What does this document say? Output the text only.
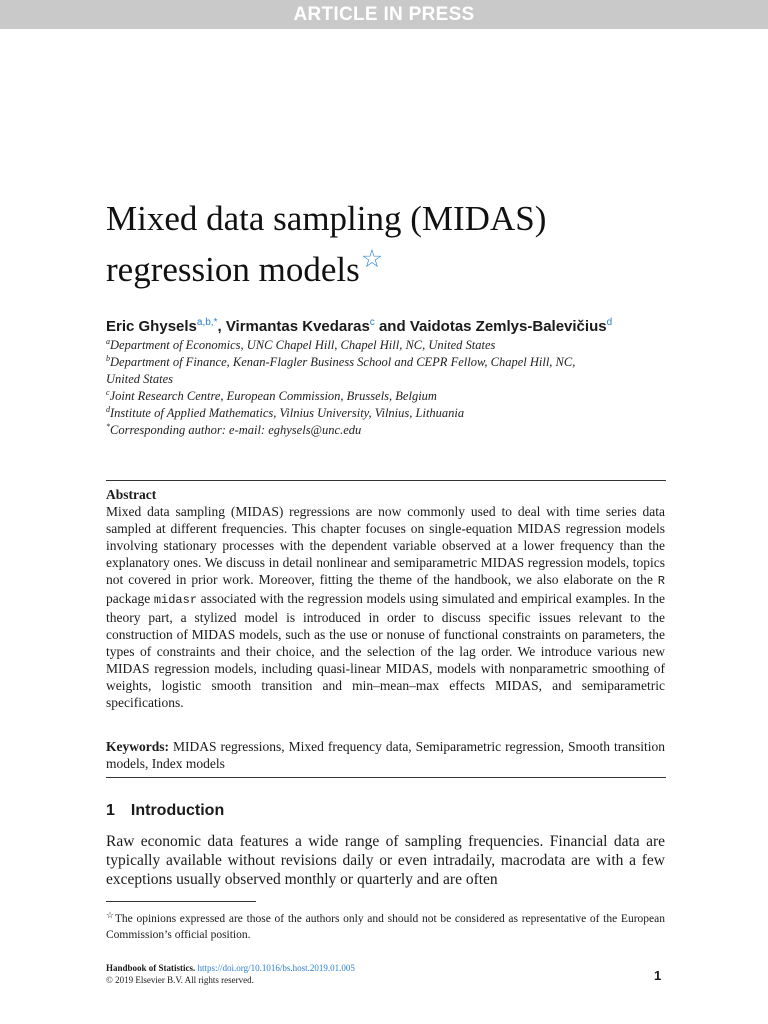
ARTICLE IN PRESS
Mixed data sampling (MIDAS)
regression models☆
Eric Ghysels$^{a,b,*}$, Virmantas Kvedaras$^c$ and Vaidotas Zemlys-Balevičius$^d$
$^a$Department of Economics, UNC Chapel Hill, Chapel Hill, NC, United States
$^b$Department of Finance, Kenan-Flagler Business School and CEPR Fellow, Chapel Hill, NC,
United States
$^c$Joint Research Centre, European Commission, Brussels, Belgium
$^d$Institute of Applied Mathematics, Vilnius University, Vilnius, Lithuania
*Corresponding author: e-mail: eghysels@unc.edu
Abstract
Mixed data sampling (MIDAS) regressions are now commonly used to deal with time series data sampled at different frequencies. This chapter focuses on single-equation MIDAS regression models involving stationary processes with the dependent variable observed at a lower frequency than the explanatory ones. We discuss in detail nonlinear and semiparametric MIDAS regression models, topics not covered in prior work. Moreover, fitting the theme of the handbook, we also elaborate on the R package midasr associated with the regression models using simulated and empirical examples. In the theory part, a stylized model is introduced in order to discuss specific issues relevant to the construction of MIDAS models, such as the use or nonuse of functional constraints on parameters, the types of constraints and their choice, and the selection of the lag order. We introduce various new MIDAS regression models, including quasi-linear MIDAS, models with nonparametric smoothing of weights, logistic smooth transition and min–mean–max effects MIDAS, and semiparametric specifications.
Keywords: MIDAS regressions, Mixed frequency data, Semiparametric regression, Smooth transition models, Index models
1 Introduction
Raw economic data features a wide range of sampling frequencies. Financial data are typically available without revisions daily or even intradaily, macrodata are with a few exceptions usually observed monthly or quarterly and are often
☆The opinions expressed are those of the authors only and should not be considered as representative of the European Commission’s official position.
Handbook of Statistics. https://doi.org/10.1016/bs.host.2019.01.005
© 2019 Elsevier B.V. All rights reserved.	1
